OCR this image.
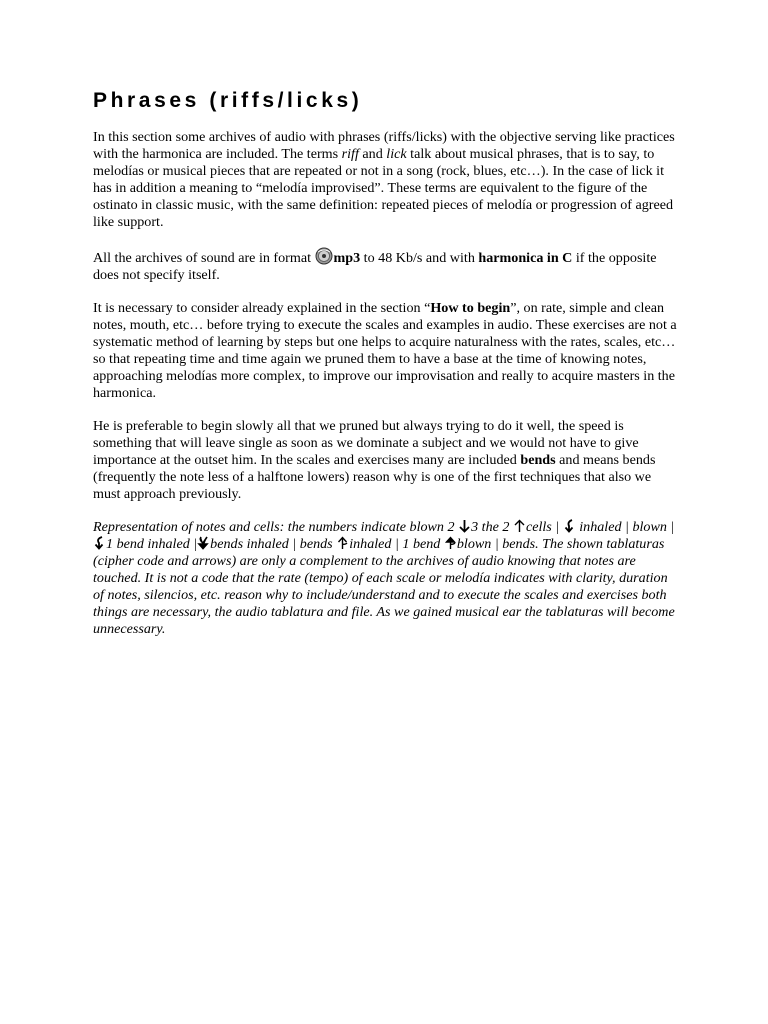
Phrases (riffs/licks)

In this section some archives of audio with phrases (riffs/licks) with the objective serving like practices with the harmonica are included. The terms riff and lick talk about musical phrases, that is to say, to melodías or musical pieces that are repeated or not in a song (rock, blues, etc…). In the case of lick it has in addition a meaning to “melodía improvised”. These terms are equivalent to the figure of the ostinato in classic music, with the same definition: repeated pieces of melodía or progression of agreed like support.

All the archives of sound are in format mp3 to 48 Kb/s and with harmonica in C if the opposite does not specify itself.

It is necessary to consider already explained in the section “How to begin”, on rate, simple and clean notes, mouth, etc… before trying to execute the scales and examples in audio. These exercises are not a systematic method of learning by steps but one helps to acquire naturalness with the rates, scales, etc… so that repeating time and time again we pruned them to have a base at the time of knowing notes, approaching melodías more complex, to improve our improvisation and really to acquire masters in the harmonica.

He is preferable to begin slowly all that we pruned but always trying to do it well, the speed is something that will leave single as soon as we dominate a subject and we would not have to give importance at the outset him. In the scales and exercises many are included bends and means bends (frequently the note less of a halftone lowers) reason why is one of the first techniques that also we must approach previously.

Representation of notes and cells: the numbers indicate blown 2 3 the 2 cells |  inhaled | blown | 1 bend inhaled | bends inhaled | bends inhaled | 1 bend blown | bends. The shown tablaturas (cipher code and arrows) are only a complement to the archives of audio knowing that notes are touched. It is not a code that the rate (tempo) of each scale or melodía indicates with clarity, duration of notes, silencios, etc. reason why to include/understand and to execute the scales and exercises both things are necessary, the audio tablatura and file. As we gained musical ear the tablaturas will become unnecessary.
